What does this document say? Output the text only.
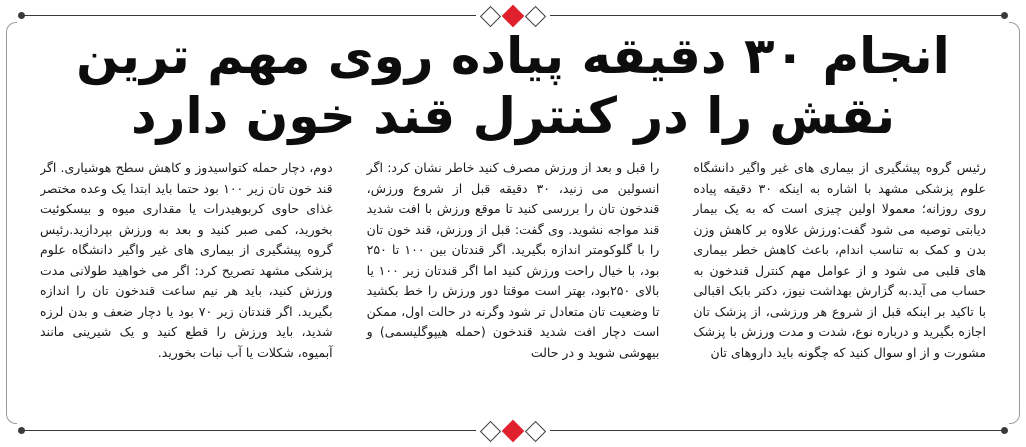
انجام ۳۰ دقیقه پیاده روی مهم ترین نقش را در کنترل قند خون دارد

رئیس گروه پیشگیری از بیماری های غیر واگیر دانشگاه علوم پزشکی مشهد با اشاره به اینکه ۳۰ دقیقه پیاده روی روزانه؛ معمولا اولین چیزی است که به یک بیمار دیابتی توصیه می شود گفت:ورزش علاوه بر کاهش وزن بدن و کمک به تناسب اندام، باعث کاهش خطر بیماری های قلبی می شود و از عوامل مهم کنترل قندخون به حساب می آید.به گزارش بهداشت نیوز، دکتر بابک اقبالی با تاکید بر اینکه قبل از شروع هر ورزشی، از پزشک تان اجازه بگیرید و درباره نوع، شدت و مدت ورزش با پزشک مشورت و از او سوال کنید که چگونه باید داروهای تان

را قبل و بعد از ورزش مصرف کنید خاطر نشان کرد: اگر انسولین می زنید، ۳۰ دقیقه قبل از شروع ورزش، قندخون تان را بررسی کنید تا موقع ورزش با افت شدید قند مواجه نشوید. وی گفت: قبل از ورزش، قند خون تان را با گلوکومتر اندازه بگیرید. اگر قندتان بین ۱۰۰ تا ۲۵۰ بود، با خیال راحت ورزش کنید اما اگر قندتان زیر ۱۰۰ یا بالای ۲۵۰بود، بهتر است موقتا دور ورزش را خط بکشید تا وضعیت تان متعادل تر شود وگرنه در حالت اول، ممکن است دچار افت شدید قندخون (حمله هیپوگلیسمی) و بیهوشی شوید و در حالت

دوم، دچار حمله کتواسیدوز و کاهش سطح هوشیاری. اگر قند خون تان زیر ۱۰۰ بود حتما باید ابتدا یک وعده مختصر غذای حاوی کربوهیدرات یا مقداری میوه و بیسکوئیت بخورید، کمی صبر کنید و بعد به ورزش بپردازید.رئیس گروه پیشگیری از بیماری های غیر واگیر دانشگاه علوم پزشکی مشهد تصریح کرد: اگر می خواهید طولانی مدت ورزش کنید، باید هر نیم ساعت قندخون تان را اندازه بگیرید. اگر قندتان زیر ۷۰ بود یا دچار ضعف و بدن لرزه شدید، باید ورزش را قطع کنید و یک شیرینی مانند آبمیوه، شکلات یا آب نبات بخورید.
